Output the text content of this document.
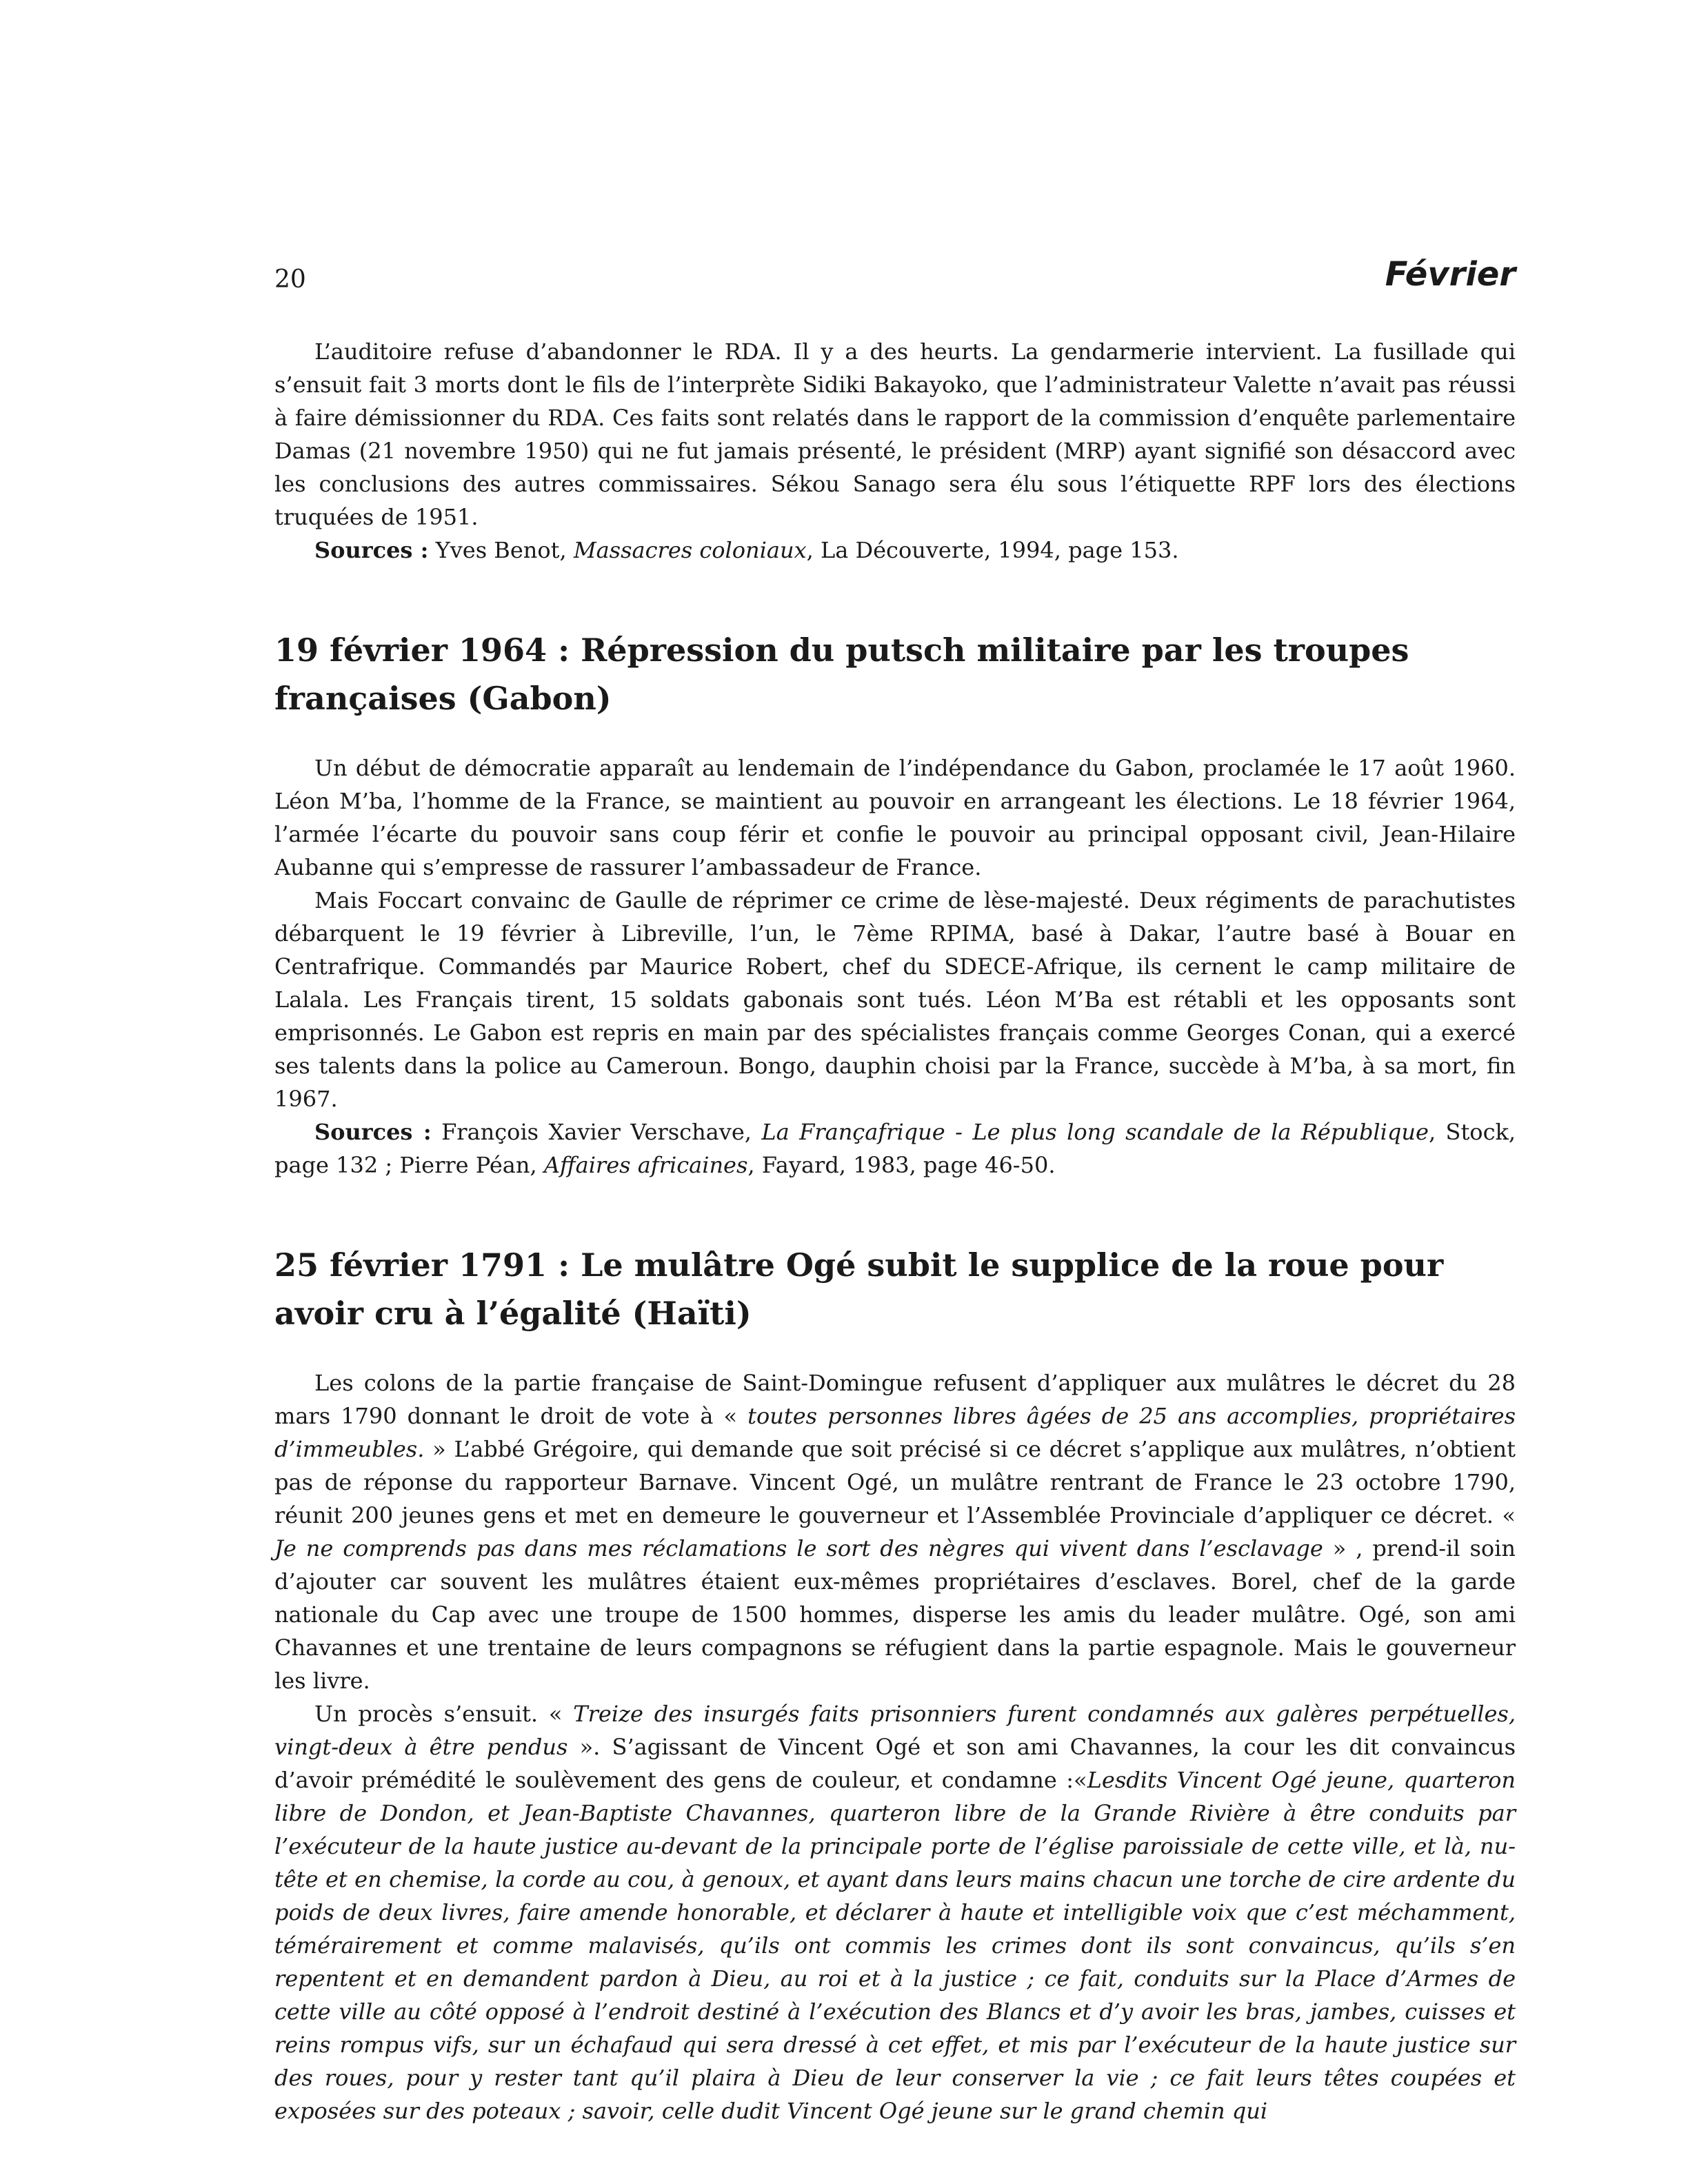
20	Février

L’auditoire refuse d’abandonner le RDA. Il y a des heurts. La gendarmerie intervient. La fusillade qui s’ensuit fait 3 morts dont le fils de l’interprète Sidiki Bakayoko, que l’administrateur Valette n’avait pas réussi à faire démissionner du RDA. Ces faits sont relatés dans le rapport de la commission d’enquête parlementaire Damas (21 novembre 1950) qui ne fut jamais présenté, le président (MRP) ayant signifié son désaccord avec les conclusions des autres commissaires. Sékou Sanago sera élu sous l’étiquette RPF lors des élections truquées de 1951.

Sources : Yves Benot, Massacres coloniaux, La Découverte, 1994, page 153.

19 février 1964 : Répression du putsch militaire par les troupes françaises (Gabon)

Un début de démocratie apparaît au lendemain de l’indépendance du Gabon, proclamée le 17 août 1960. Léon M’ba, l’homme de la France, se maintient au pouvoir en arrangeant les élections. Le 18 février 1964, l’armée l’écarte du pouvoir sans coup férir et confie le pouvoir au principal opposant civil, Jean-Hilaire Aubanne qui s’empresse de rassurer l’ambassadeur de France.

Mais Foccart convainc de Gaulle de réprimer ce crime de lèse-majesté. Deux régiments de parachutistes débarquent le 19 février à Libreville, l’un, le 7ème RPIMA, basé à Dakar, l’autre basé à Bouar en Centrafrique. Commandés par Maurice Robert, chef du SDECE-Afrique, ils cernent le camp militaire de Lalala. Les Français tirent, 15 soldats gabonais sont tués. Léon M’Ba est rétabli et les opposants sont emprisonnés. Le Gabon est repris en main par des spécialistes français comme Georges Conan, qui a exercé ses talents dans la police au Cameroun. Bongo, dauphin choisi par la France, succède à M’ba, à sa mort, fin 1967.

Sources : François Xavier Verschave, La Françafrique - Le plus long scandale de la République, Stock, page 132 ; Pierre Péan, Affaires africaines, Fayard, 1983, page 46-50.

25 février 1791 : Le mulâtre Ogé subit le supplice de la roue pour avoir cru à l’égalité (Haïti)

Les colons de la partie française de Saint-Domingue refusent d’appliquer aux mulâtres le décret du 28 mars 1790 donnant le droit de vote à « toutes personnes libres âgées de 25 ans accomplies, propriétaires d’immeubles. » L’abbé Grégoire, qui demande que soit précisé si ce décret s’applique aux mulâtres, n’obtient pas de réponse du rapporteur Barnave. Vincent Ogé, un mulâtre rentrant de France le 23 octobre 1790, réunit 200 jeunes gens et met en demeure le gouverneur et l’Assemblée Provinciale d’appliquer ce décret. « Je ne comprends pas dans mes réclamations le sort des nègres qui vivent dans l’esclavage » , prend-il soin d’ajouter car souvent les mulâtres étaient eux-mêmes propriétaires d’esclaves. Borel, chef de la garde nationale du Cap avec une troupe de 1500 hommes, disperse les amis du leader mulâtre. Ogé, son ami Chavannes et une trentaine de leurs compagnons se réfugient dans la partie espagnole. Mais le gouverneur les livre.

Un procès s’ensuit. « Treize des insurgés faits prisonniers furent condamnés aux galères perpétuelles, vingt-deux à être pendus ». S’agissant de Vincent Ogé et son ami Chavannes, la cour les dit convaincus d’avoir prémédité le soulèvement des gens de couleur, et condamne :«Lesdits Vincent Ogé jeune, quarteron libre de Dondon, et Jean-Baptiste Chavannes, quarteron libre de la Grande Rivière à être conduits par l’exécuteur de la haute justice au-devant de la principale porte de l’église paroissiale de cette ville, et là, nu-tête et en chemise, la corde au cou, à genoux, et ayant dans leurs mains chacun une torche de cire ardente du poids de deux livres, faire amende honorable, et déclarer à haute et intelligible voix que c’est méchamment, témérairement et comme malavisés, qu’ils ont commis les crimes dont ils sont convaincus, qu’ils s’en repentent et en demandent pardon à Dieu, au roi et à la justice ; ce fait, conduits sur la Place d’Armes de cette ville au côté opposé à l’endroit destiné à l’exécution des Blancs et d’y avoir les bras, jambes, cuisses et reins rompus vifs, sur un échafaud qui sera dressé à cet effet, et mis par l’exécuteur de la haute justice sur des roues, pour y rester tant qu’il plaira à Dieu de leur conserver la vie ; ce fait leurs têtes coupées et exposées sur des poteaux ; savoir, celle dudit Vincent Ogé jeune sur le grand chemin qui
